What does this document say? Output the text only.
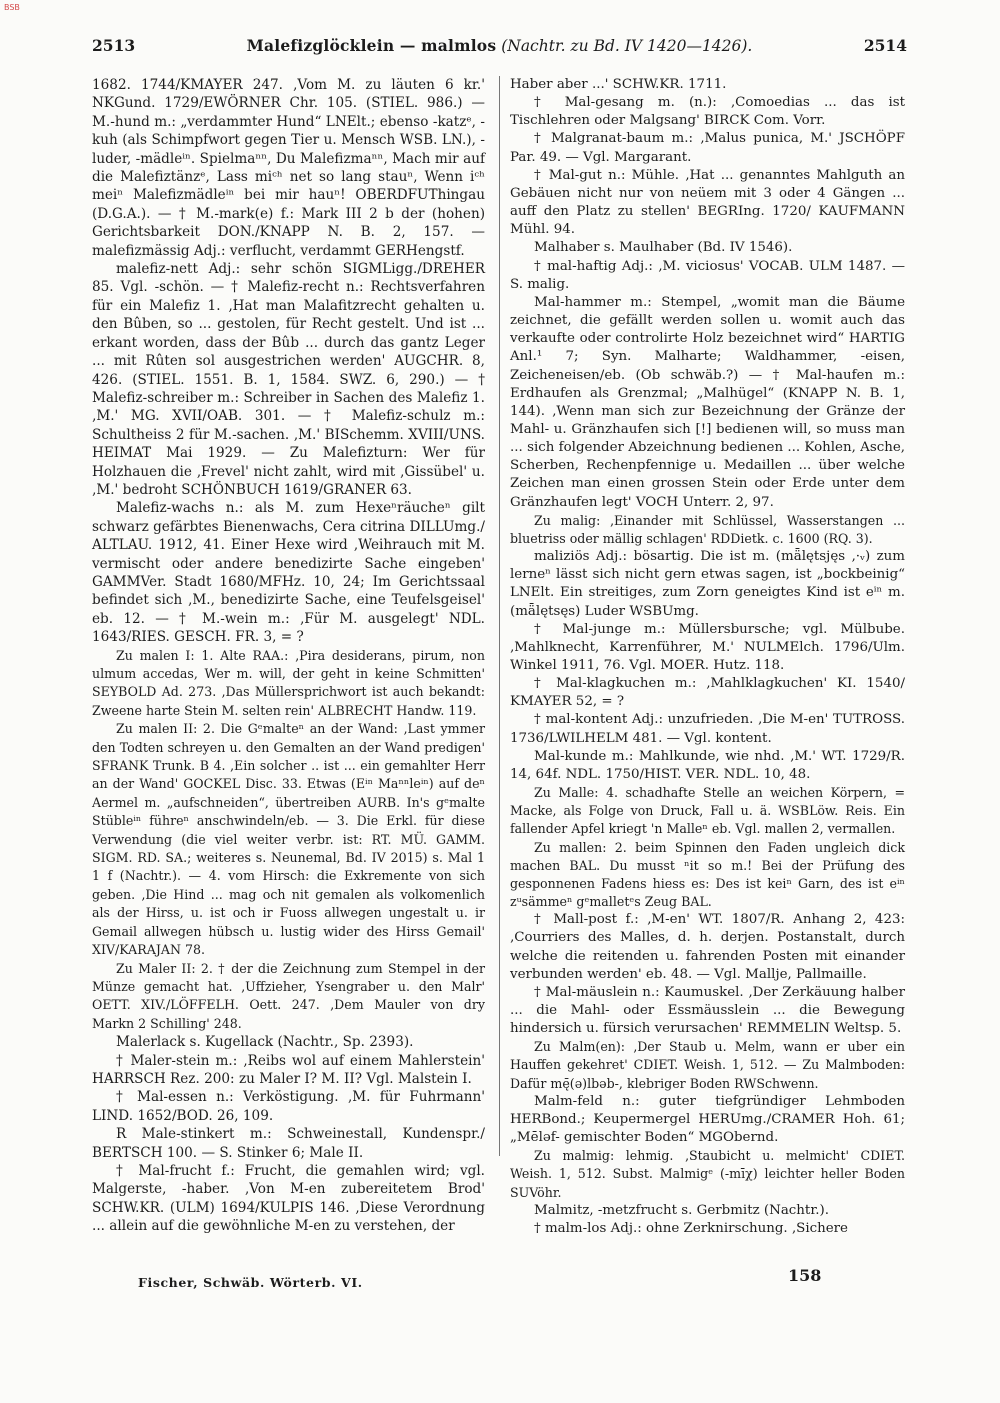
BSB
2513	Malefizglöcklein — malmlos (Nachtr. zu Bd. IV 1420—1426).	2514

1682. 1744/KMAYER 247. ‚Vom M. zu läuten 6 kr.' NKGund. 1729/EWÖRNER Chr. 105. (STIEL. 986.) — M.-hund m.: „verdammter Hund“ LNElt.; ebenso -katzᵉ, -kuh (als Schimpfwort gegen Tier u. Mensch WSB. LN.), -luder, -mädleⁱⁿ. Spielmaⁿⁿ, Du Malefizmaⁿⁿ, Mach mir auf die Malefiztänzᵉ, Lass miᶜʰ net so lang stauⁿ, Wenn iᶜʰ meiⁿ Malefizmädleⁱⁿ bei mir hauⁿ! OBERDFUThingau (D.G.A.). — † M.-mark(e) f.: Mark III 2 b der (hohen) Gerichtsbarkeit DON./KNAPP N. B. 2, 157. — malefizmässig Adj.: verflucht, verdammt GERHengstf.

malefiz-nett Adj.: sehr schön SIGMLigg./DREHER 85. Vgl. -schön. — † Malefiz-recht n.: Rechtsverfahren für ein Malefiz 1. ‚Hat man Malafitzrecht gehalten u. den Bûben, so ... gestolen, für Recht gestelt. Und ist ... erkant worden, dass der Bûb ... durch das gantz Leger ... mit Rûten sol ausgestrichen werden' AUGCHR. 8, 426. (STIEL. 1551. B. 1, 1584. SWZ. 6, 290.) — † Malefiz-schreiber m.: Schreiber in Sachen des Malefiz 1. ‚M.' MG. XVII/OAB. 301. — † Malefiz-schulz m.: Schultheiss 2 für M.-sachen. ‚M.' BISchemm. XVIII/UNS. HEIMAT Mai 1929. — Zu Malefizturn: Wer für Holzhauen die ‚Frevel' nicht zahlt, wird mit ‚Gissübel' u. ‚M.' bedroht SCHÖNBUCH 1619/GRANER 63.

Malefiz-wachs n.: als M. zum Hexeⁿräucheⁿ gilt schwarz gefärbtes Bienenwachs, Cera citrina DILLUmg./ ALTLAU. 1912, 41. Einer Hexe wird ‚Weihrauch mit M. vermischt oder andere benedizirte Sache eingeben' GAMMVer. Stadt 1680/MFHz. 10, 24; Im Gerichtssaal befindet sich ‚M., benedizirte Sache, eine Teufelsgeisel' eb. 12. — † M.-wein m.: ‚Für M. ausgelegt' NDL. 1643/RIES. GESCH. FR. 3, = ?

Zu malen I: 1. Alte RAA.: ‚Pira desiderans, pirum, non ulmum accedas, Wer m. will, der geht in keine Schmitten' SEYBOLD Ad. 273. ‚Das Müllersprichwort ist auch bekandt: Zweene harte Stein M. selten rein' ALBRECHT Handw. 119.

Zu malen II: 2. Die Gᵉmalteⁿ an der Wand: ‚Last ymmer den Todten schreyen u. den Gemalten an der Wand predigen' SFRANK Trunk. B 4. ‚Ein solcher .. ist ... ein gemahlter Herr an der Wand' GOCKEL Disc. 33. Etwas (Eⁱⁿ Maⁿⁿleⁱⁿ) auf deⁿ Aermel m. „aufschneiden“, übertreiben AURB. In's gᵉmalte Stübleⁱⁿ führeⁿ anschwindeln/eb. — 3. Die Erkl. für diese Verwendung (die viel weiter verbr. ist: RT. MÜ. GAMM. SIGM. RD. SA.; weiteres s. Neunemal, Bd. IV 2015) s. Mal 1 1 f (Nachtr.). — 4. vom Hirsch: die Exkremente von sich geben. ‚Die Hind ... mag och nit gemalen als volkomenlich als der Hirss, u. ist och ir Fuoss allwegen ungestalt u. ir Gemail allwegen hübsch u. lustig wider des Hirss Gemail' XIV/KARAJAN 78.

Zu Maler II: 2. † der die Zeichnung zum Stempel in der Münze gemacht hat. ‚Uffzieher, Ysengraber u. den Malr' OETT. XIV./LÖFFELH. Oett. 247. ‚Dem Mauler von dry Markn 2 Schilling' 248.

Malerlack s. Kugellack (Nachtr., Sp. 2393).

† Maler-stein m.: ‚Reibs wol auf einem Mahlerstein' HARRSCH Rez. 200: zu Maler I? M. II? Vgl. Malstein I.

† Mal-essen n.: Verköstigung. ‚M. für Fuhrmann' LIND. 1652/BOD. 26, 109.

R Male-stinkert m.: Schweinestall, Kundenspr./ BERTSCH 100. — S. Stinker 6; Male II.

† Mal-frucht f.: Frucht, die gemahlen wird; vgl. Malgerste, -haber. ‚Von M-en zubereitetem Brod' SCHW.KR. (ULM) 1694/KULPIS 146. ‚Diese Verordnung ... allein auf die gewöhnliche M-en zu verstehen, der

Haber aber ...' SCHW.KR. 1711.

† Mal-gesang m. (n.): ‚Comoedias ... das ist Tischlehren oder Malgsang' BIRCK Com. Vorr.

† Malgranat-baum m.: ‚Malus punica, M.' JSCHÖPF Par. 49. — Vgl. Margarant.

† Mal-gut n.: Mühle. ‚Hat ... genanntes Mahlguth an Gebäuen nicht nur von neüem mit 3 oder 4 Gängen ... auff den Platz zu stellen' BEGRIng. 1720/ KAUFMANN Mühl. 94.

Malhaber s. Maulhaber (Bd. IV 1546).

† mal-haftig Adj.: ‚M. viciosus' VOCAB. ULM 1487. — S. malig.

Mal-hammer m.: Stempel, „womit man die Bäume zeichnet, die gefällt werden sollen u. womit auch das verkaufte oder controlirte Holz bezeichnet wird“ HARTIG Anl.¹ 7; Syn. Malharte; Waldhammer, -eisen, Zeicheneisen/eb. (Ob schwäb.?) — † Mal-haufen m.: Erdhaufen als Grenzmal; „Malhügel“ (KNAPP N. B. 1, 144). ‚Wenn man sich zur Bezeichnung der Gränze der Mahl- u. Gränzhaufen sich [!] bedienen will, so muss man ... sich folgender Abzeichnung bedienen ... Kohlen, Asche, Scherben, Rechenpfennige u. Medaillen ... über welche Zeichen man einen grossen Stein oder Erde unter dem Gränzhaufen legt' VOCH Unterr. 2, 97.

Zu malig: ‚Einander mit Schlüssel, Wasserstangen ... bluetriss oder mällig schlagen' RDDietk. c. 1600 (RQ. 3).

maliziös Adj.: bösartig. Die ist m. (mǟlętsjęs ‚·ᵥ) zum lerneⁿ lässt sich nicht gern etwas sagen, ist „bockbeinig“ LNElt. Ein streitiges, zum Zorn geneigtes Kind ist eⁱⁿ m. (mǟlętsęs) Luder WSBUmg.

† Mal-junge m.: Müllersbursche; vgl. Mülbube. ‚Mahlknecht, Karrenführer, M.' NULMElch. 1796/Ulm. Winkel 1911, 76. Vgl. MOER. Hutz. 118.

† Mal-klagkuchen m.: ‚Mahlklagkuchen' KI. 1540/ KMAYER 52, = ?

† mal-kontent Adj.: unzufrieden. ‚Die M-en' TUTROSS. 1736/LWILHELM 481. — Vgl. kontent.

Mal-kunde m.: Mahlkunde, wie nhd. ‚M.' WT. 1729/R. 14, 64f. NDL. 1750/HIST. VER. NDL. 10, 48.

Zu Malle: 4. schadhafte Stelle an weichen Körpern, = Macke, als Folge von Druck, Fall u. ä. WSBLöw. Reis. Ein fallender Apfel kriegt 'n Malleⁿ eb. Vgl. mallen 2, vermallen.

Zu mallen: 2. beim Spinnen den Faden ungleich dick machen BAL. Du musst ⁿit so m.! Bei der Prüfung des gesponnenen Fadens hiess es: Des ist keiⁿ Garn, des ist eⁱⁿ zᵘsämmeⁿ gᵉmalletᵉs Zeug BAL.

† Mall-post f.: ‚M-en' WT. 1807/R. Anhang 2, 423: ‚Courriers des Malles, d. h. derjen. Postanstalt, durch welche die reitenden u. fahrenden Posten mit einander verbunden werden' eb. 48. — Vgl. Mallje, Pallmaille.

† Mal-mäuslein n.: Kaumuskel. ‚Der Zerkäuung halber ... die Mahl- oder Essmäusslein ... die Bewegung hindersich u. fürsich verursachen' REMMELIN Weltsp. 5.

Zu Malm(en): ‚Der Staub u. Melm, wann er uber ein Hauffen gekehret' CDIET. Weish. 1, 512. — Zu Malmboden: Dafür mę̄(ə)lbəb-, klebriger Boden RWSchwenn.

Malm-feld n.: guter tiefgründiger Lehmboden HERBond.; Keupermergel HERUmg./CRAMER Hoh. 61; „Mēləf- gemischter Boden“ MGObernd.

Zu malmig: lehmig. ‚Staubicht u. melmicht' CDIET. Weish. 1, 512. Subst. Malmigᵉ (-mīχ) leichter heller Boden SUVöhr.

Malmitz, -metzfrucht s. Gerbmitz (Nachtr.).

† malm-los Adj.: ohne Zerknirschung. ‚Sichere

Fischer, Schwäb. Wörterb. VI.	158
